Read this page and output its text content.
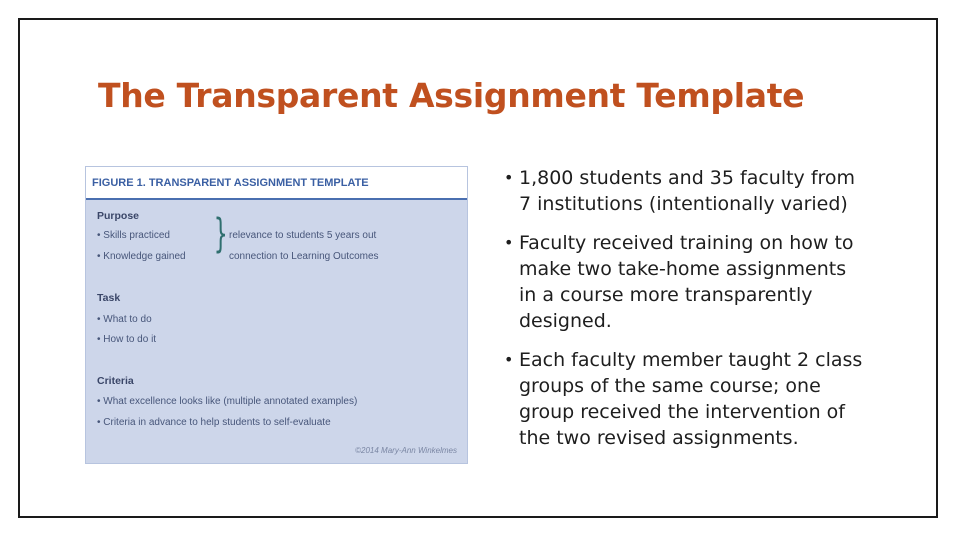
The Transparent Assignment Template
FIGURE 1. TRANSPARENT ASSIGNMENT TEMPLATE
Purpose
• Skills practiced
• Knowledge gained } relevance to students 5 years out
connection to Learning Outcomes
Task
• What to do
• How to do it
Criteria
• What excellence looks like (multiple annotated examples)
• Criteria in advance to help students to self-evaluate
©2014 Mary-Ann Winkelmes
• 1,800 students and 35 faculty from 7 institutions (intentionally varied)
• Faculty received training on how to make two take-home assignments in a course more transparently designed.
• Each faculty member taught 2 class groups of the same course; one group received the intervention of the two revised assignments.
